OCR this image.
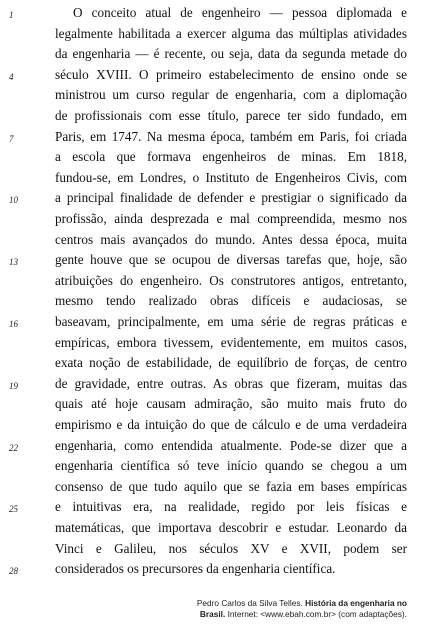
1
4
7
10
13
16
19
22
25
28
O conceito atual de engenheiro — pessoa diplomada e
legalmente habilitada a exercer alguma das múltiplas atividades
da engenharia — é recente, ou seja, data da segunda metade do
século XVIII. O primeiro estabelecimento de ensino onde se
ministrou um curso regular de engenharia, com a diplomação
de profissionais com esse título, parece ter sido fundado, em
Paris, em 1747. Na mesma época, também em Paris, foi criada
a escola que formava engenheiros de minas. Em 1818,
fundou-se, em Londres, o Instituto de Engenheiros Civis, com
a principal finalidade de defender e prestigiar o significado da
profissão, ainda desprezada e mal compreendida, mesmo nos
centros mais avançados do mundo. Antes dessa época, muita
gente houve que se ocupou de diversas tarefas que, hoje, são
atribuições do engenheiro. Os construtores antigos, entretanto,
mesmo tendo realizado obras difíceis e audaciosas, se
baseavam, principalmente, em uma série de regras práticas e
empíricas, embora tivessem, evidentemente, em muitos casos,
exata noção de estabilidade, de equilíbrio de forças, de centro
de gravidade, entre outras. As obras que fizeram, muitas das
quais até hoje causam admiração, são muito mais fruto do
empirismo e da intuição do que de cálculo e de uma verdadeira
engenharia, como entendida atualmente. Pode-se dizer que a
engenharia científica só teve início quando se chegou a um
consenso de que tudo aquilo que se fazia em bases empíricas
e intuitivas era, na realidade, regido por leis físicas e
matemáticas, que importava descobrir e estudar. Leonardo da
Vinci e Galileu, nos séculos XV e XVII, podem ser
considerados os precursores da engenharia científica.
Pedro Carlos da Silva Telles. História da engenharia no
Brasil. Internet: <www.ebah.com.br> (com adaptações).
